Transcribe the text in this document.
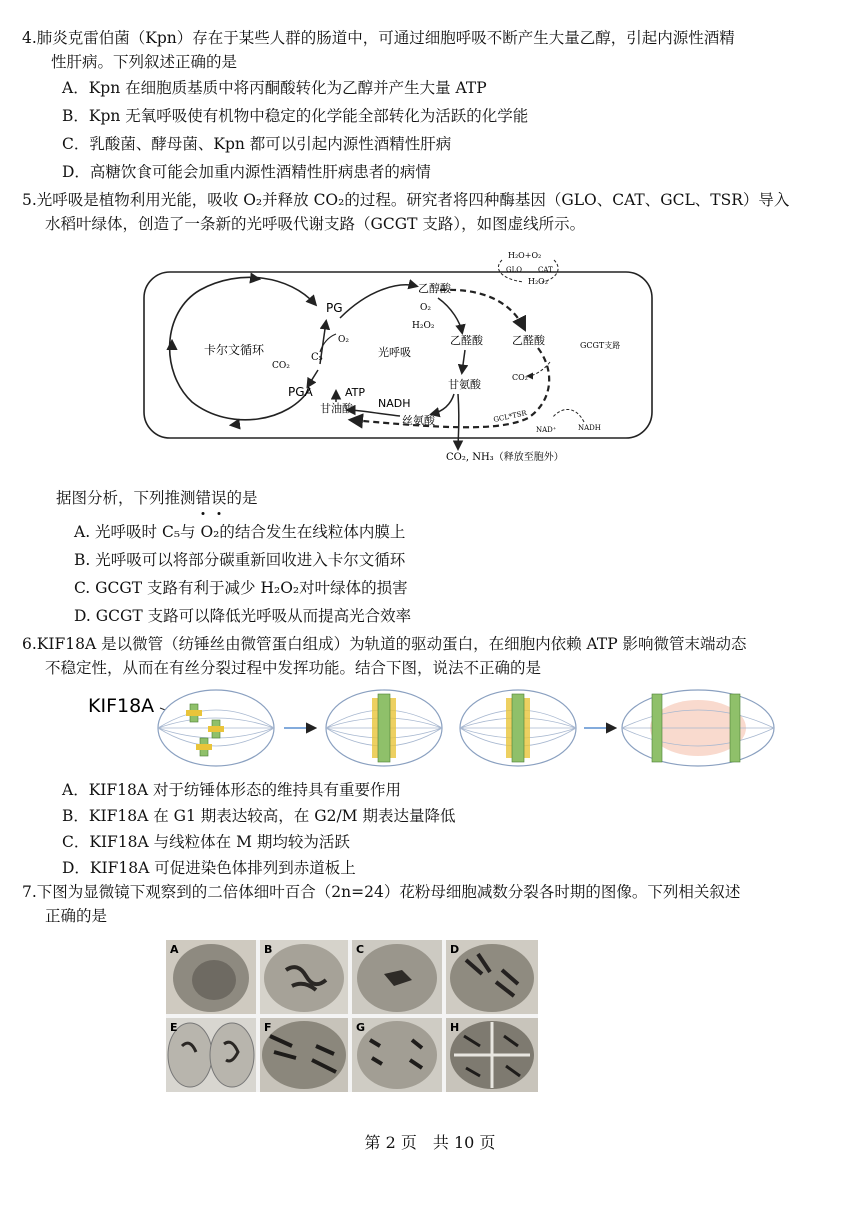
4.肺炎克雷伯菌（Kpn）存在于某些人群的肠道中，可通过细胞呼吸不断产生大量乙醇，引起内源性酒精

性肝病。下列叙述正确的是

A．Kpn 在细胞质基质中将丙酮酸转化为乙醇并产生大量 ATP
B．Kpn 无氧呼吸使有机物中稳定的化学能全部转化为活跃的化学能
C．乳酸菌、酵母菌、Kpn 都可以引起内源性酒精性肝病
D．高糖饮食可能会加重内源性酒精性肝病患者的病情

5.光呼吸是植物利用光能，吸收 O₂并释放 CO₂的过程。研究者将四种酶基因（GLO、CAT、GCL、TSR）导入

水稻叶绿体，创造了一条新的光呼吸代谢支路（GCGT 支路），如图虚线所示。

卡尔文循环
PG
O₂
C₅
CO₂
PGA	ATP
甘油酸 NADH
丝氨酸
甘氨酸
光呼吸
乙醇酸
O₂
H₂O₂
乙醛酸	乙醛酸
H₂O+O₂
GLO CAT
H₂O₂
GCGT支路
CO₂
GCL*TSR
NAD⁺	NADH
CO₂, NH₃（释放至胞外）
据图分析，下列推测错误的是
A. 光呼吸时 C₅与 O₂的结合发生在线粒体内膜上
B. 光呼吸可以将部分碳重新回收进入卡尔文循环
C. GCGT 支路有利于减少 H₂O₂对叶绿体的损害
D. GCGT 支路可以降低光呼吸从而提高光合效率

6.KIF18A 是以微管（纺锤丝由微管蛋白组成）为轨道的驱动蛋白，在细胞内依赖 ATP 影响微管末端动态

不稳定性，从而在有丝分裂过程中发挥功能。结合下图，说法不正确的是

KIF18A
A．KIF18A 对于纺锤体形态的维持具有重要作用
B．KIF18A 在 G1 期表达较高，在 G2/M 期表达量降低
C．KIF18A 与线粒体在 M 期均较为活跃
D．KIF18A 可促进染色体排列到赤道板上

7.下图为显微镜下观察到的二倍体细叶百合（2n=24）花粉母细胞减数分裂各时期的图像。下列相关叙述

正确的是

A	B	C	D
E	F	G	H
第 2 页　共 10 页
